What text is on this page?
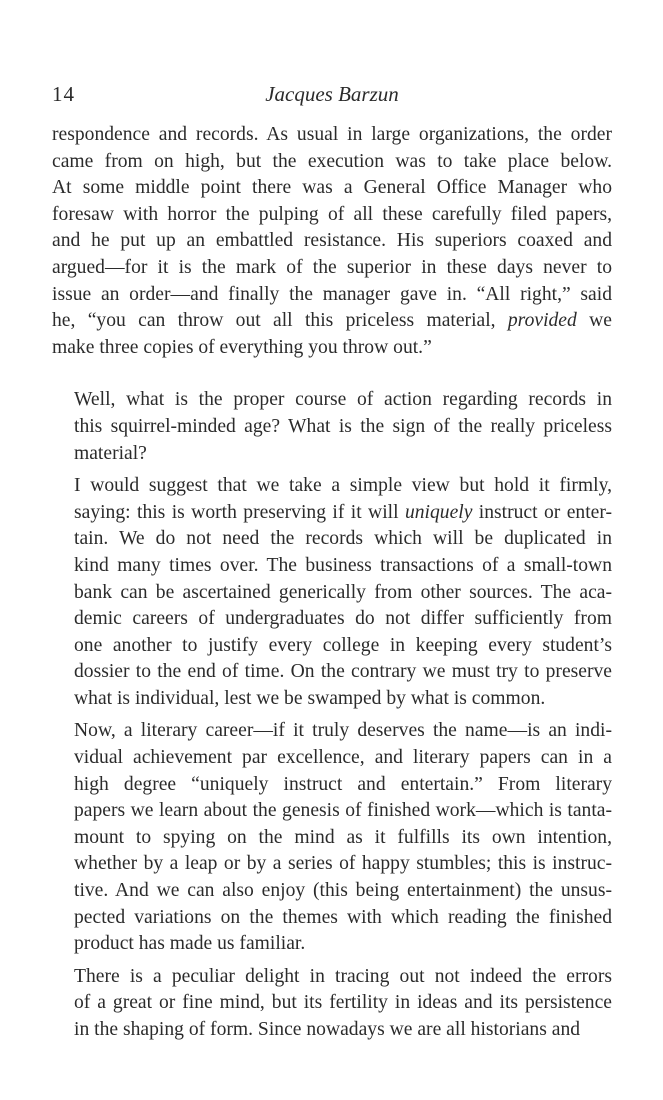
14	Jacques Barzun

respondence and records. As usual in large organizations, the order
came from on high, but the execution was to take place below.
At some middle point there was a General Office Manager who
foresaw with horror the pulping of all these carefully filed papers,
and he put up an embattled resistance. His superiors coaxed and
argued—for it is the mark of the superior in these days never to
issue an order—and finally the manager gave in. “All right,” said
he, “you can throw out all this priceless material, provided we
make three copies of everything you throw out.”

Well, what is the proper course of action regarding records in
this squirrel-minded age? What is the sign of the really priceless
material?

I would suggest that we take a simple view but hold it firmly,
saying: this is worth preserving if it will uniquely instruct or enter-
tain. We do not need the records which will be duplicated in
kind many times over. The business transactions of a small-town
bank can be ascertained generically from other sources. The aca-
demic careers of undergraduates do not differ sufficiently from
one another to justify every college in keeping every student’s
dossier to the end of time. On the contrary we must try to preserve
what is individual, lest we be swamped by what is common.

Now, a literary career—if it truly deserves the name—is an indi-
vidual achievement par excellence, and literary papers can in a
high degree “uniquely instruct and entertain.” From literary
papers we learn about the genesis of finished work—which is tanta-
mount to spying on the mind as it fulfills its own intention,
whether by a leap or by a series of happy stumbles; this is instruc-
tive. And we can also enjoy (this being entertainment) the unsus-
pected variations on the themes with which reading the finished
product has made us familiar.

There is a peculiar delight in tracing out not indeed the errors
of a great or fine mind, but its fertility in ideas and its persistence
in the shaping of form. Since nowadays we are all historians and
